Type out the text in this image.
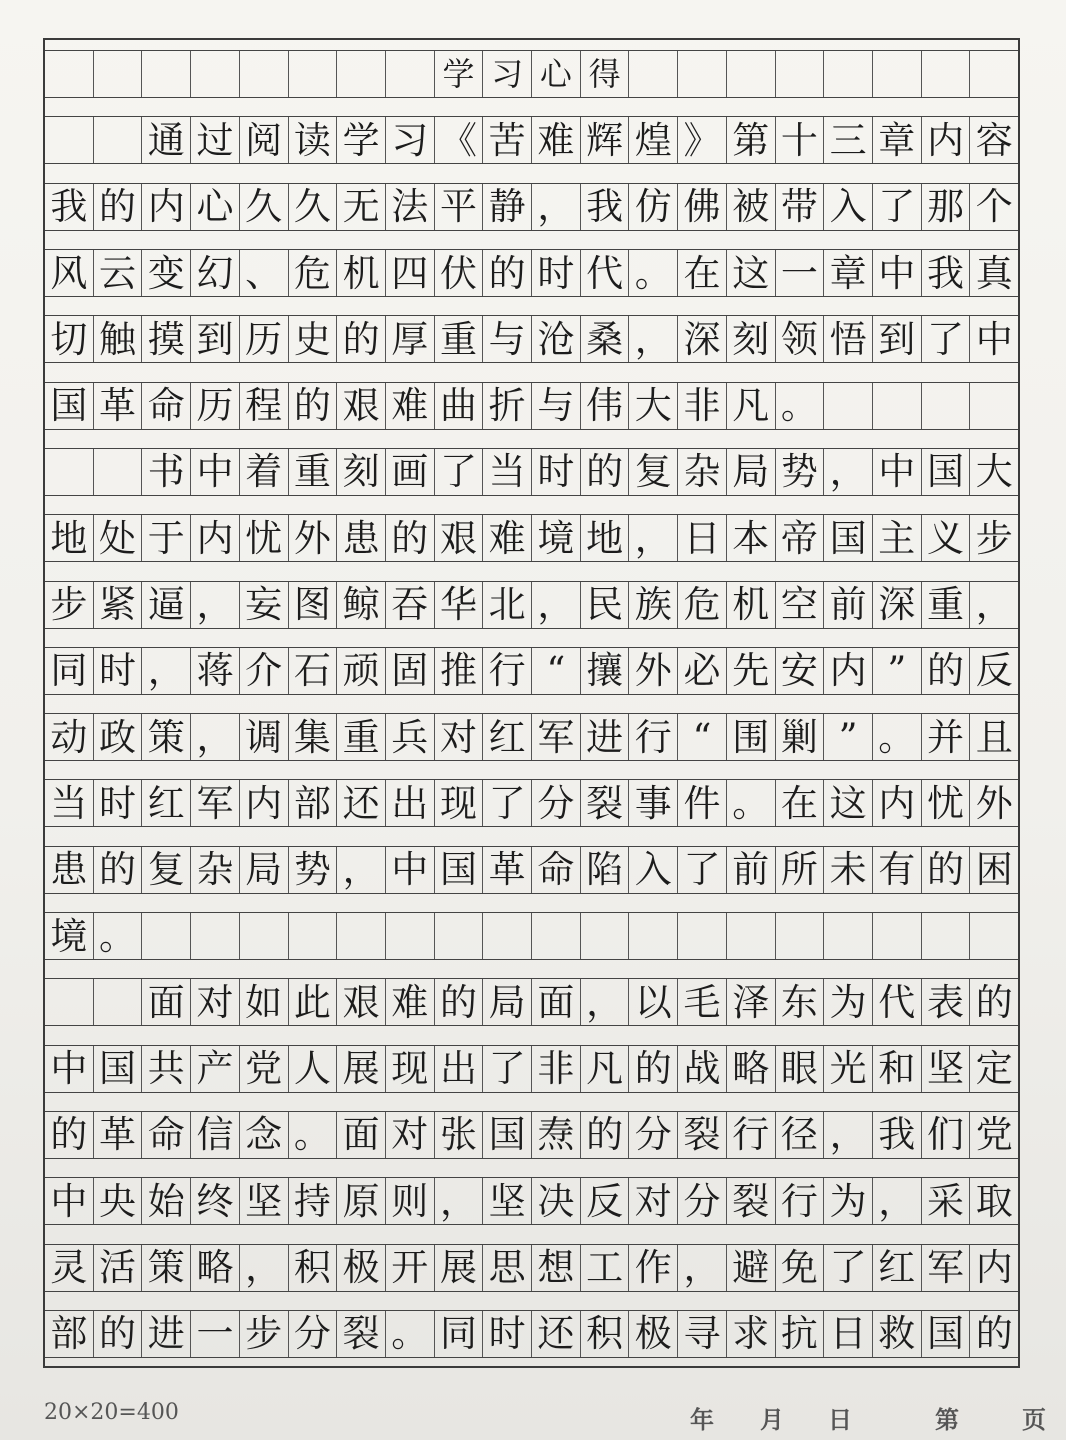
学 习 心 得
通 过 阅 读 学 习 《 苦 难 辉 煌 》 第 十 三 章 内 容
我 的 内 心 久 久 无 法 平 静 ， 我 仿 佛 被 带 入 了 那 个
风 云 变 幻 、 危 机 四 伏 的 时 代 。 在 这 一 章 中 我 真
切 触 摸 到 历 史 的 厚 重 与 沧 桑 ， 深 刻 领 悟 到 了 中
国 革 命 历 程 的 艰 难 曲 折 与 伟 大 非 凡 。
书 中 着 重 刻 画 了 当 时 的 复 杂 局 势 ， 中 国 大
地 处 于 内 忧 外 患 的 艰 难 境 地 ， 日 本 帝 国 主 义 步
步 紧 逼 ， 妄 图 鲸 吞 华 北 ， 民 族 危 机 空 前 深 重 ，
同 时 ， 蒋 介 石 顽 固 推 行 “ 攘 外 必 先 安 内 ” 的 反
动 政 策 ， 调 集 重 兵 对 红 军 进 行 “ 围 剿 ” 。 并 且
当 时 红 军 内 部 还 出 现 了 分 裂 事 件 。 在 这 内 忧 外
患 的 复 杂 局 势 ， 中 国 革 命 陷 入 了 前 所 未 有 的 困
境 。
面 对 如 此 艰 难 的 局 面 ， 以 毛 泽 东 为 代 表 的
中 国 共 产 党 人 展 现 出 了 非 凡 的 战 略 眼 光 和 坚 定
的 革 命 信 念 。 面 对 张 国 焘 的 分 裂 行 径 ， 我 们 党
中 央 始 终 坚 持 原 则 ， 坚 决 反 对 分 裂 行 为 ， 采 取
灵 活 策 略 ， 积 极 开 展 思 想 工 作 ， 避 免 了 红 军 内
部 的 进 一 步 分 裂 。 同 时 还 积 极 寻 求 抗 日 救 国 的
20×20=400	年 月 日	第	页
